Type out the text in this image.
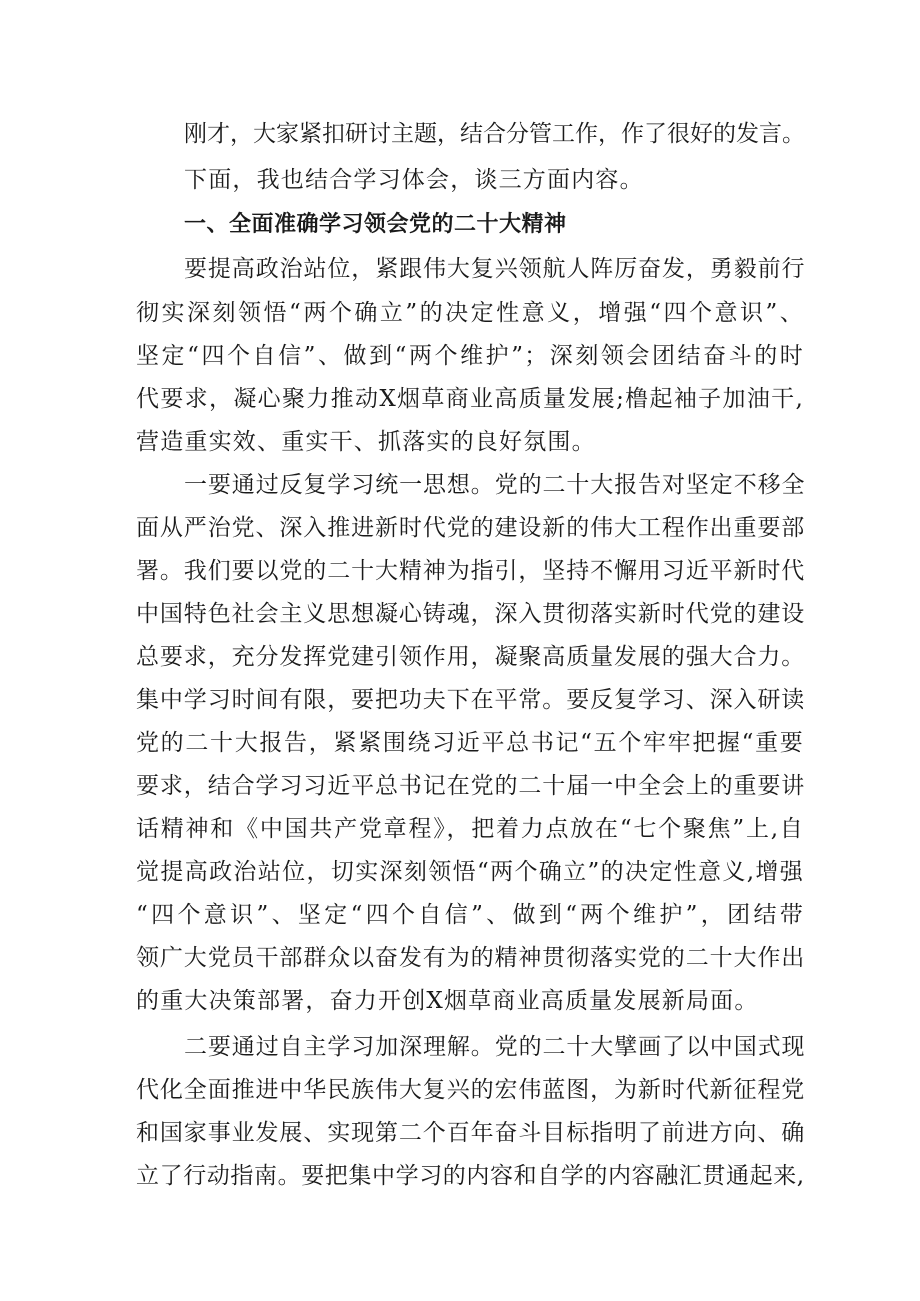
刚才，大家紧扣研讨主题，结合分管工作，作了很好的发言。
下面，我也结合学习体会，谈三方面内容。
一、全面准确学习领会党的二十大精神
要提高政治站位，紧跟伟大复兴领航人阵厉奋发，勇毅前行
彻实深刻领悟“两个确立”的决定性意义，增强“四个意识”、
坚定“四个自信”、做到“两个维护”；深刻领会团结奋斗的时
代要求，凝心聚力推动X烟草商业高质量发展;橹起袖子加油干,
营造重实效、重实干、抓落实的良好氛围。
一要通过反复学习统一思想。党的二十大报告对坚定不移全
面从严治党、深入推进新时代党的建设新的伟大工程作出重要部
署。我们要以党的二十大精神为指引，坚持不懈用习近平新时代
中国特色社会主义思想凝心铸魂，深入贯彻落实新时代党的建设
总要求，充分发挥党建引领作用，凝聚高质量发展的强大合力。
集中学习时间有限，要把功夫下在平常。要反复学习、深入研读
党的二十大报告，紧紧围绕习近平总书记“五个牢牢把握“重要
要求，结合学习习近平总书记在党的二十届一中全会上的重要讲
话精神和《中国共产党章程》，把着力点放在“七个聚焦”上,自
觉提高政治站位，切实深刻领悟“两个确立”的决定性意义,增强
“四个意识”、坚定“四个自信”、做到“两个维护”，团结带
领广大党员干部群众以奋发有为的精神贯彻落实党的二十大作出
的重大决策部署，奋力开创X烟草商业高质量发展新局面。
二要通过自主学习加深理解。党的二十大擘画了以中国式现
代化全面推进中华民族伟大复兴的宏伟蓝图，为新时代新征程党
和国家事业发展、实现第二个百年奋斗目标指明了前进方向、确
立了行动指南。要把集中学习的内容和自学的内容融汇贯通起来,
